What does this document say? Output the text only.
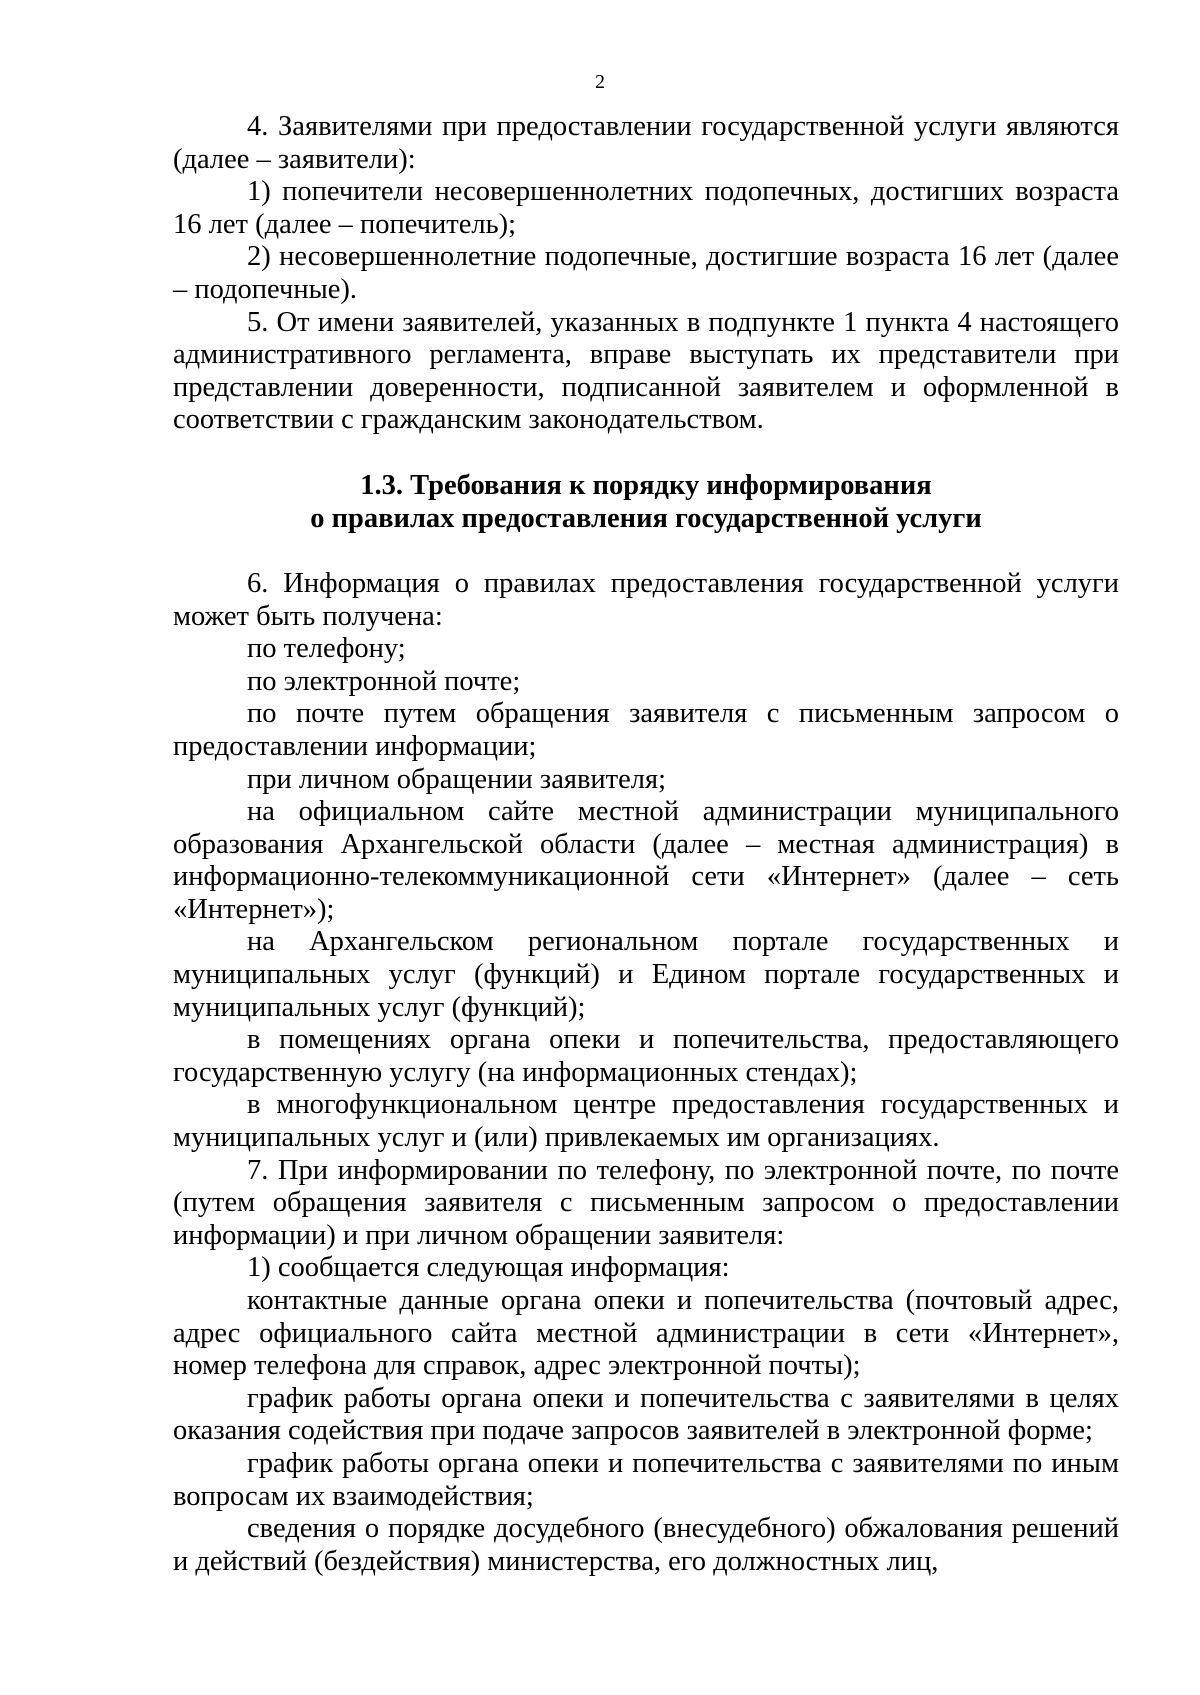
2

4. Заявителями при предоставлении государственной услуги являются (далее – заявители):

1) попечители несовершеннолетних подопечных, достигших возраста 16 лет (далее – попечитель);

2) несовершеннолетние подопечные, достигшие возраста 16 лет (далее – подопечные).

5. От имени заявителей, указанных в подпункте 1 пункта 4 настоящего административного регламента, вправе выступать их представители при представлении доверенности, подписанной заявителем и оформленной в соответствии с гражданским законодательством.

1.3. Требования к порядку информирования
о правилах предоставления государственной услуги

6. Информация о правилах предоставления государственной услуги может быть получена:

по телефону;

по электронной почте;

по почте путем обращения заявителя с письменным запросом о предоставлении информации;

при личном обращении заявителя;

на официальном сайте местной администрации муниципального образования Архангельской области (далее – местная администрация) в информационно-телекоммуникационной сети «Интернет» (далее – сеть «Интернет»);

на Архангельском региональном портале государственных и муниципальных услуг (функций) и Едином портале государственных и муниципальных услуг (функций);

в помещениях органа опеки и попечительства, предоставляющего государственную услугу (на информационных стендах);

в многофункциональном центре предоставления государственных и муниципальных услуг и (или) привлекаемых им организациях.

7. При информировании по телефону, по электронной почте, по почте (путем обращения заявителя с письменным запросом о предоставлении информации) и при личном обращении заявителя:

1) сообщается следующая информация:

контактные данные органа опеки и попечительства (почтовый адрес, адрес официального сайта местной администрации в сети «Интернет», номер телефона для справок, адрес электронной почты);

график работы органа опеки и попечительства с заявителями в целях оказания содействия при подаче запросов заявителей в электронной форме;

график работы органа опеки и попечительства с заявителями по иным вопросам их взаимодействия;

сведения о порядке досудебного (внесудебного) обжалования решений и действий (бездействия) министерства, его должностных лиц,
